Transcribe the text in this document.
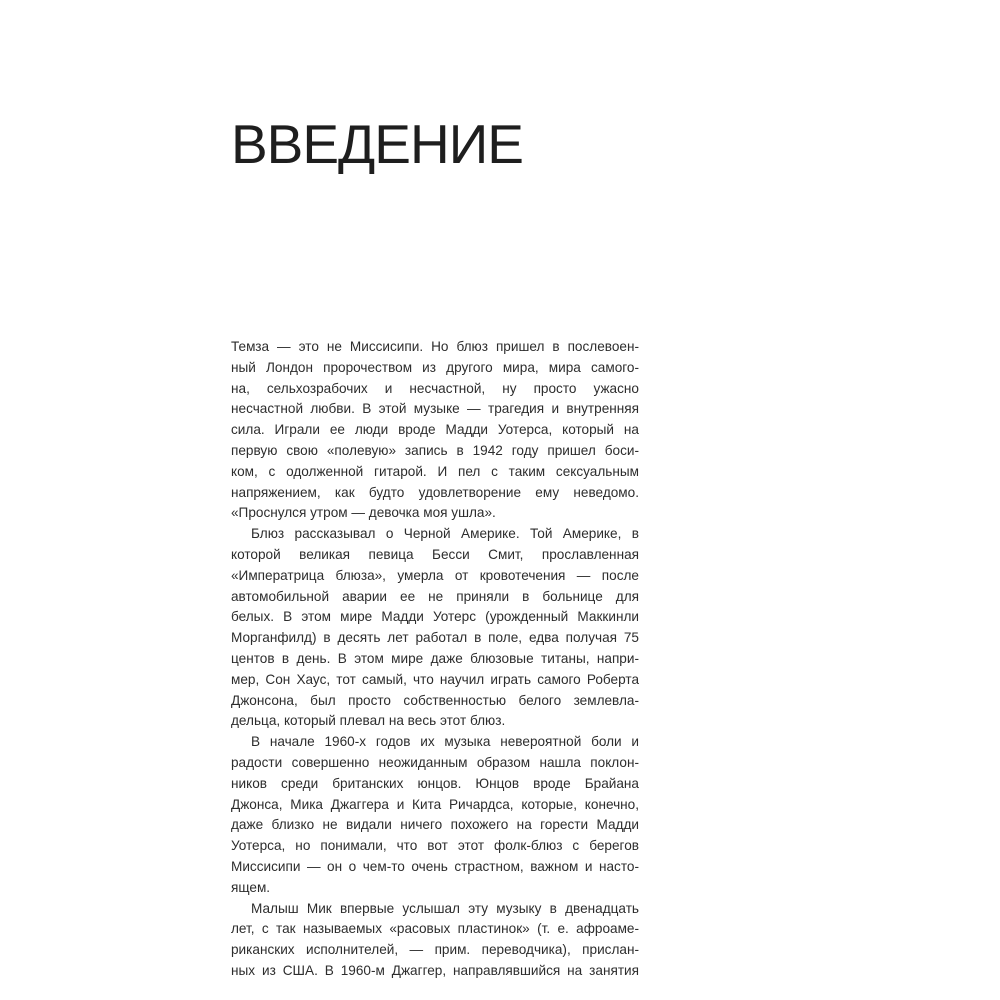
ВВЕДЕНИЕ
Темза — это не Миссисипи. Но блюз пришел в послевоен-
ный Лондон пророчеством из другого мира, мира самого-
на, сельхозрабочих и несчастной, ну просто ужасно
несчастной любви. В этой музыке — трагедия и внутренняя
сила. Играли ее люди вроде Мадди Уотерса, который на
первую свою «полевую» запись в 1942 году пришел боси-
ком, с одолженной гитарой. И пел с таким сексуальным
напряжением, как будто удовлетворение ему неведомо.
«Проснулся утром — девочка моя ушла».
Блюз рассказывал о Черной Америке. Той Америке, в
которой великая певица Бесси Смит, прославленная
«Императрица блюза», умерла от кровотечения — после
автомобильной аварии ее не приняли в больнице для
белых. В этом мире Мадди Уотерс (урожденный Маккинли
Морганфилд) в десять лет работал в поле, едва получая 75
центов в день. В этом мире даже блюзовые титаны, напри-
мер, Сон Хаус, тот самый, что научил играть самого Роберта
Джонсона, был просто собственностью белого землевла-
дельца, который плевал на весь этот блюз.
В начале 1960-х годов их музыка невероятной боли и
радости совершенно неожиданным образом нашла поклон-
ников среди британских юнцов. Юнцов вроде Брайана
Джонса, Мика Джаггера и Кита Ричардса, которые, конечно,
даже близко не видали ничего похожего на горести Мадди
Уотерса, но понимали, что вот этот фолк-блюз с берегов
Миссисипи — он о чем-то очень страстном, важном и насто-
ящем.
Малыш Мик впервые услышал эту музыку в двенадцать
лет, с так называемых «расовых пластинок» (т. е. афроаме-
риканских исполнителей, — прим. переводчика), прислан-
ных из США. В 1960-м Джаггер, направлявшийся на занятия
